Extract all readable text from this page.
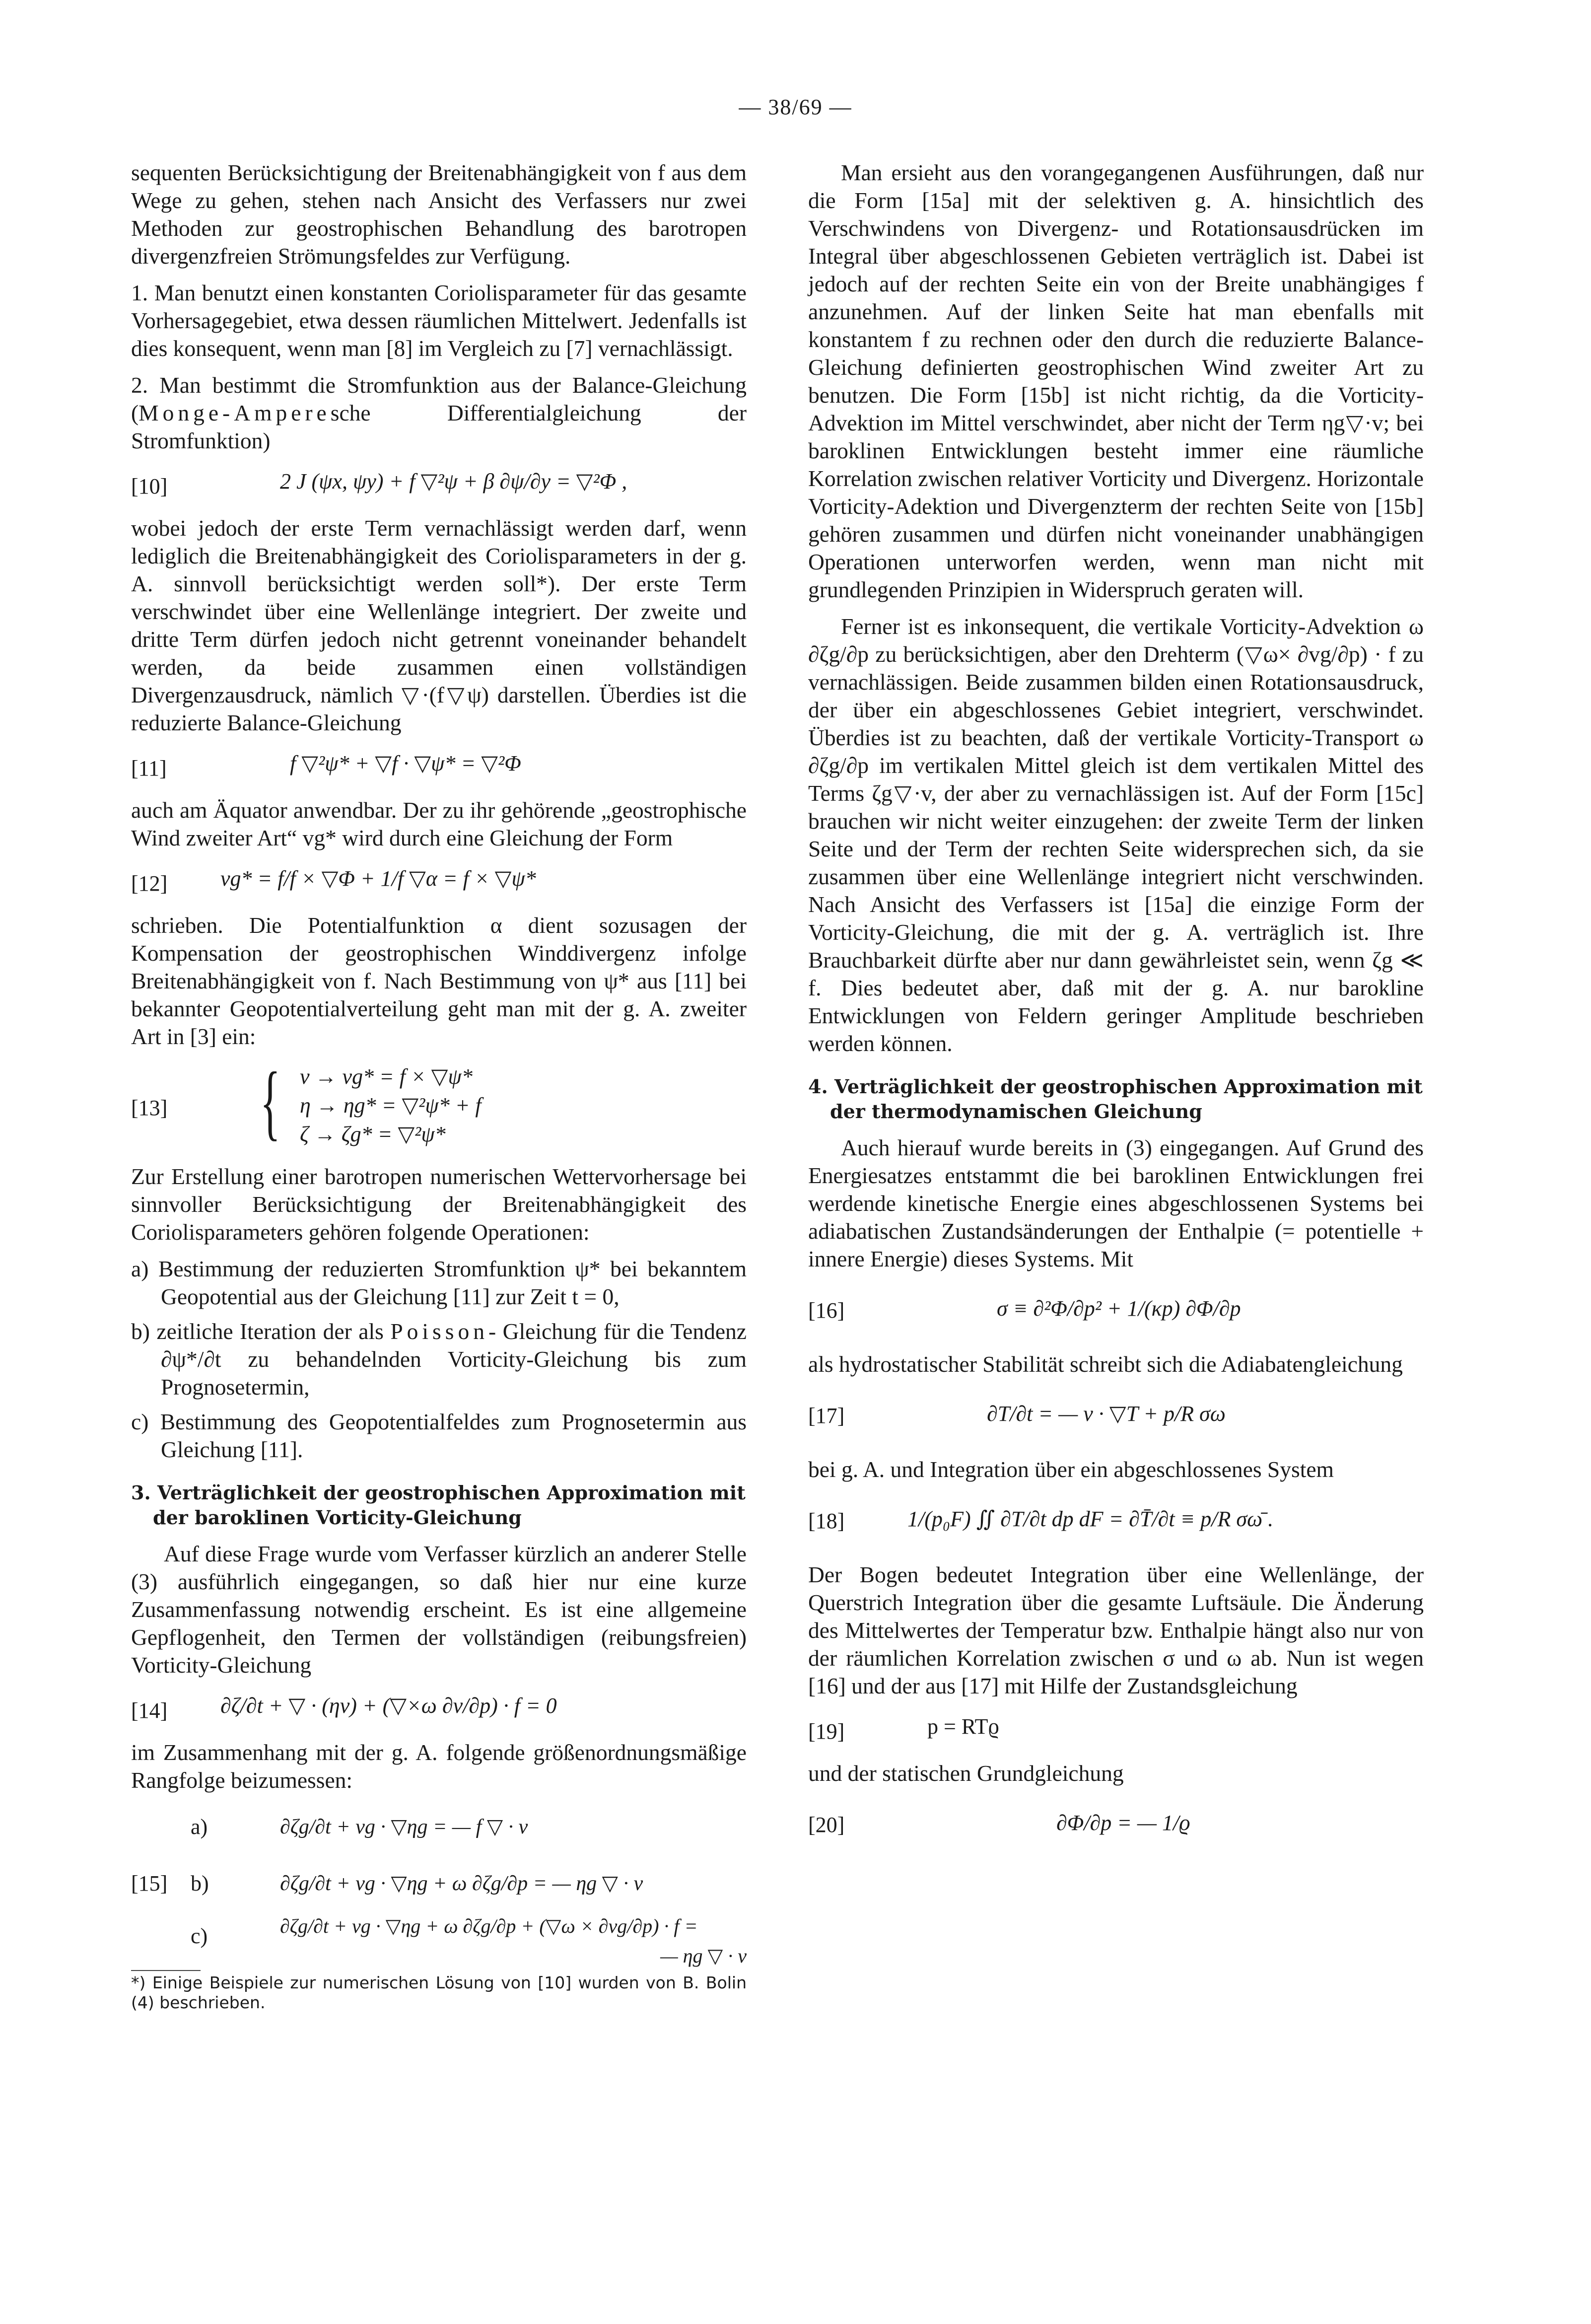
— 38/69 —

sequenten Berücksichtigung der Breitenabhängigkeit von f aus dem Wege zu gehen, stehen nach Ansicht des Verfassers nur zwei Methoden zur geostrophischen Behandlung des barotropen divergenzfreien Strömungsfeldes zur Verfügung.

1. Man benutzt einen konstanten Coriolisparameter für das gesamte Vorhersagegebiet, etwa dessen räumlichen Mittelwert. Jedenfalls ist dies konsequent, wenn man [8] im Vergleich zu [7] vernachlässigt.

2. Man bestimmt die Stromfunktion aus der Balance-Gleichung (Monge-Amperesche Differentialgleichung der Stromfunktion)

[10]	2 J (ψx, ψy) + f ▽²ψ + β ∂ψ/∂y = ▽²Φ ,

wobei jedoch der erste Term vernachlässigt werden darf, wenn lediglich die Breitenabhängigkeit des Coriolisparameters in der g. A. sinnvoll berücksichtigt werden soll*). Der erste Term verschwindet über eine Wellenlänge integriert. Der zweite und dritte Term dürfen jedoch nicht getrennt voneinander behandelt werden, da beide zusammen einen vollständigen Divergenzausdruck, nämlich ▽·(f▽ψ) darstellen. Überdies ist die reduzierte Balance-Gleichung

[11]	f ▽²ψ* + ▽f · ▽ψ* = ▽²Φ

auch am Äquator anwendbar. Der zu ihr gehörende „geostrophische Wind zweiter Art“ vg* wird durch eine Gleichung der Form

[12] vg* = f/f × ▽Φ + 1/f ▽α = f × ▽ψ*

schrieben. Die Potentialfunktion α dient sozusagen der Kompensation der geostrophischen Winddivergenz infolge Breitenabhängigkeit von f. Nach Bestimmung von ψ* aus [11] bei bekannter Geopotentialverteilung geht man mit der g. A. zweiter Art in [3] ein:

[13] { v → vg* = f × ▽ψ*
η → ηg* = ▽²ψ* + f
ζ → ζg* = ▽²ψ*

Zur Erstellung einer barotropen numerischen Wettervorhersage bei sinnvoller Berücksichtigung der Breitenabhängigkeit des Coriolisparameters gehören folgende Operationen:

a) Bestimmung der reduzierten Stromfunktion ψ* bei bekanntem Geopotential aus der Gleichung [11] zur Zeit t = 0,
b) zeitliche Iteration der als Poisson- Gleichung für die Tendenz ∂ψ*/∂t zu behandelnden Vorticity-Gleichung bis zum Prognosetermin,
c) Bestimmung des Geopotentialfeldes zum Prognosetermin aus Gleichung [11].
3. Verträglichkeit der geostrophischen Approximation mit der baroklinen Vorticity-Gleichung

Auf diese Frage wurde vom Verfasser kürzlich an anderer Stelle (3) ausführlich eingegangen, so daß hier nur eine kurze Zusammenfassung notwendig erscheint. Es ist eine allgemeine Gepflogenheit, den Termen der vollständigen (reibungsfreien) Vorticity-Gleichung

[14] ∂ζ/∂t + ▽ · (ηv) + (▽×ω ∂v/∂p) · f = 0

im Zusammenhang mit der g. A. folgende größenordnungsmäßige Rangfolge beizumessen:

[15]
a)	∂ζg/∂t + vg · ▽ηg = — f ▽ · v
b)	∂ζg/∂t + vg · ▽ηg + ω ∂ζg/∂p = — ηg ▽ · v
c)	∂ζg/∂t + vg · ▽ηg + ω ∂ζg/∂p + (▽ω × ∂vg/∂p) · f =
— ηg ▽ · v
*) Einige Beispiele zur numerischen Lösung von [10] wurden von B. Bolin (4) beschrieben.

Man ersieht aus den vorangegangenen Ausführungen, daß nur die Form [15a] mit der selektiven g. A. hinsichtlich des Verschwindens von Divergenz- und Rotationsausdrücken im Integral über abgeschlossenen Gebieten verträglich ist. Dabei ist jedoch auf der rechten Seite ein von der Breite unabhängiges f anzunehmen. Auf der linken Seite hat man ebenfalls mit konstantem f zu rechnen oder den durch die reduzierte Balance-Gleichung definierten geostrophischen Wind zweiter Art zu benutzen. Die Form [15b] ist nicht richtig, da die Vorticity-Advektion im Mittel verschwindet, aber nicht der Term ηg▽·v; bei baroklinen Entwicklungen besteht immer eine räumliche Korrelation zwischen relativer Vorticity und Divergenz. Horizontale Vorticity-Adektion und Divergenzterm der rechten Seite von [15b] gehören zusammen und dürfen nicht voneinander unabhängigen Operationen unterworfen werden, wenn man nicht mit grundlegenden Prinzipien in Widerspruch geraten will.

Ferner ist es inkonsequent, die vertikale Vorticity-Advektion ω ∂ζg/∂p zu berücksichtigen, aber den Drehterm (▽ω× ∂vg/∂p) · f zu vernachlässigen. Beide zusammen bilden einen Rotationsausdruck, der über ein abgeschlossenes Gebiet integriert, verschwindet. Überdies ist zu beachten, daß der vertikale Vorticity-Transport ω ∂ζg/∂p im vertikalen Mittel gleich ist dem vertikalen Mittel des Terms ζg▽·v, der aber zu vernachlässigen ist. Auf der Form [15c] brauchen wir nicht weiter einzugehen: der zweite Term der linken Seite und der Term der rechten Seite widersprechen sich, da sie zusammen über eine Wellenlänge integriert nicht verschwinden. Nach Ansicht des Verfassers ist [15a] die einzige Form der Vorticity-Gleichung, die mit der g. A. verträglich ist. Ihre Brauchbarkeit dürfte aber nur dann gewährleistet sein, wenn ζg ≪ f. Dies bedeutet aber, daß mit der g. A. nur barokline Entwicklungen von Feldern geringer Amplitude beschrieben werden können.

4. Verträglichkeit der geostrophischen Approximation mit der thermodynamischen Gleichung

Auch hierauf wurde bereits in (3) eingegangen. Auf Grund des Energiesatzes entstammt die bei baroklinen Entwicklungen frei werdende kinetische Energie eines abgeschlossenen Systems bei adiabatischen Zustandsänderungen der Enthalpie (= potentielle + innere Energie) dieses Systems. Mit

[16]	σ ≡ ∂²Φ/∂p² + 1/(κp) ∂Φ/∂p

als hydrostatischer Stabilität schreibt sich die Adiabatengleichung

[17]	∂T/∂t = — v · ▽T + p/R σω

bei g. A. und Integration über ein abgeschlossenes System

[18]	1/(p₀F) ∬ ∂T/∂t dp dF = ∂T̄/∂t ≡ p/R σω̄ .

Der Bogen bedeutet Integration über eine Wellenlänge, der Querstrich Integration über die gesamte Luftsäule. Die Änderung des Mittelwertes der Temperatur bzw. Enthalpie hängt also nur von der räumlichen Korrelation zwischen σ und ω ab. Nun ist wegen [16] und der aus [17] mit Hilfe der Zustandsgleichung

[19]	p = RTϱ

und der statischen Grundgleichung

[20]	∂Φ/∂p = — 1/ϱ
